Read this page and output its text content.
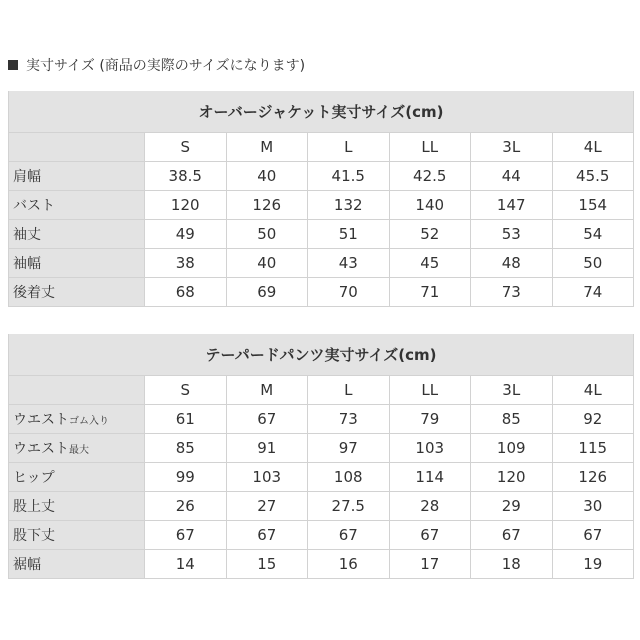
実寸サイズ (商品の実際のサイズになります)
オーバージャケット実寸サイズ(cm)						
	S	M	L	LL	3L	4L
肩幅	38.5	40	41.5	42.5	44	45.5
バスト	120	126	132	140	147	154
袖丈	49	50	51	52	53	54
袖幅	38	40	43	45	48	50
後着丈	68	69	70	71	73	74
テーパードパンツ実寸サイズ(cm)						
	S	M	L	LL	3L	4L
ウエストゴム入り	61	67	73	79	85	92
ウエスト最大	85	91	97	103	109	115
ヒップ	99	103	108	114	120	126
股上丈	26	27	27.5	28	29	30
股下丈	67	67	67	67	67	67
裾幅	14	15	16	17	18	19
